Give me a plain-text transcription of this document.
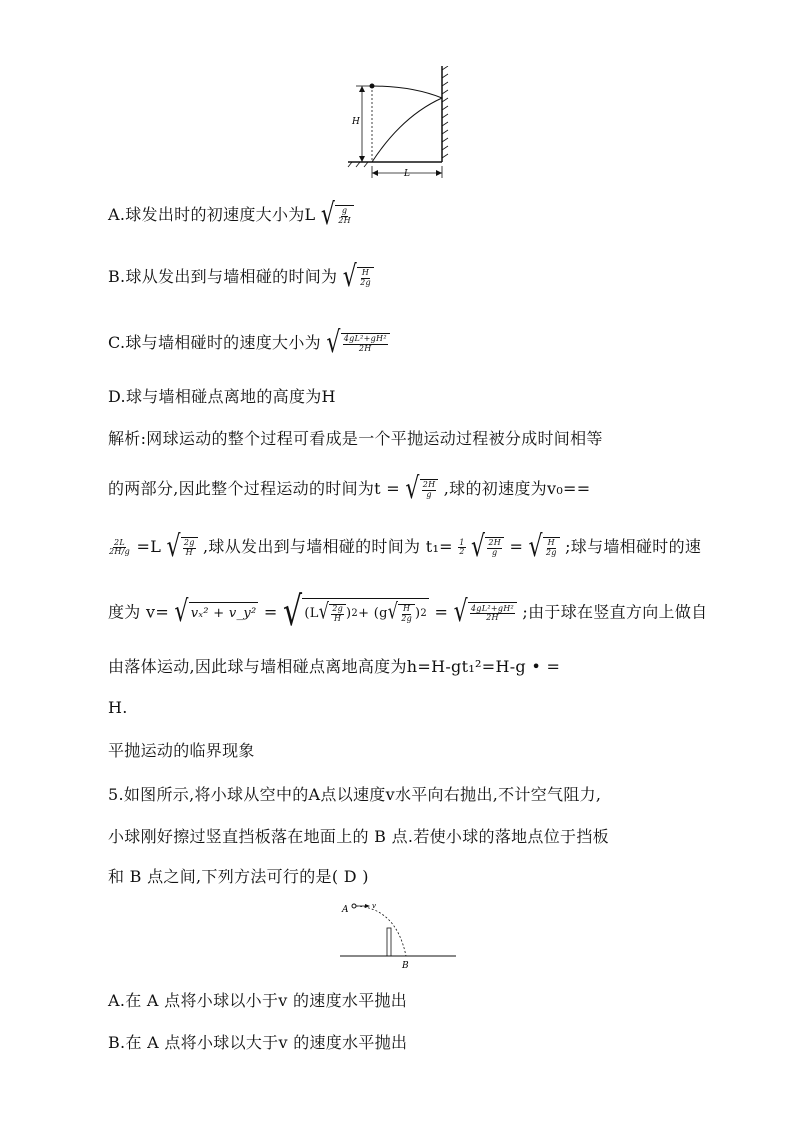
H
L
A.球发出时的初速度大小为L √ $\frac{g}{2H}$
B.球从发出到与墙相碰的时间为 √ $\frac{H}{2g}$
C.球与墙相碰时的速度大小为 √ $\frac{\text{4gL²+gH²}}{2H}$
D.球与墙相碰点离地的高度为H
解析:网球运动的整个过程可看成是一个平抛运动过程被分成时间相等
的两部分,因此整个过程运动的时间为t = √ $\frac{2H}{g}$ ,球的初速度为v₀==
$\frac{2L}{2H/g} =L$ √ $\frac{2g}{H}$ ,球从发出到与墙相碰的时间为 $t_1= \frac{1}{2}$
√ $\frac{2H}{g}$ = √ $\frac{H}{2g}$ ;球与墙相碰时的速
度为 v= √ vₓ² + v_y² = √ (L √ $\frac{2g}{H}$ ) 2 + (g √ $\frac{H}{2g}$ ) 2 = √ $\frac{\text{4gL²+gH²}}{2H}$ ;由于球在竖直方向上做自
由落体运动,因此球与墙相碰点离地高度为h=H-gt₁²=H-g • =
H.
平抛运动的临界现象
5.如图所示,将小球从空中的A点以速度v水平向右抛出,不计空气阻力,
小球刚好擦过竖直挡板落在地面上的 B 点.若使小球的落地点位于挡板
和 B 点之间,下列方法可行的是( D )
A	v
B
A.在 A 点将小球以小于v 的速度水平抛出
B.在 A 点将小球以大于v 的速度水平抛出
